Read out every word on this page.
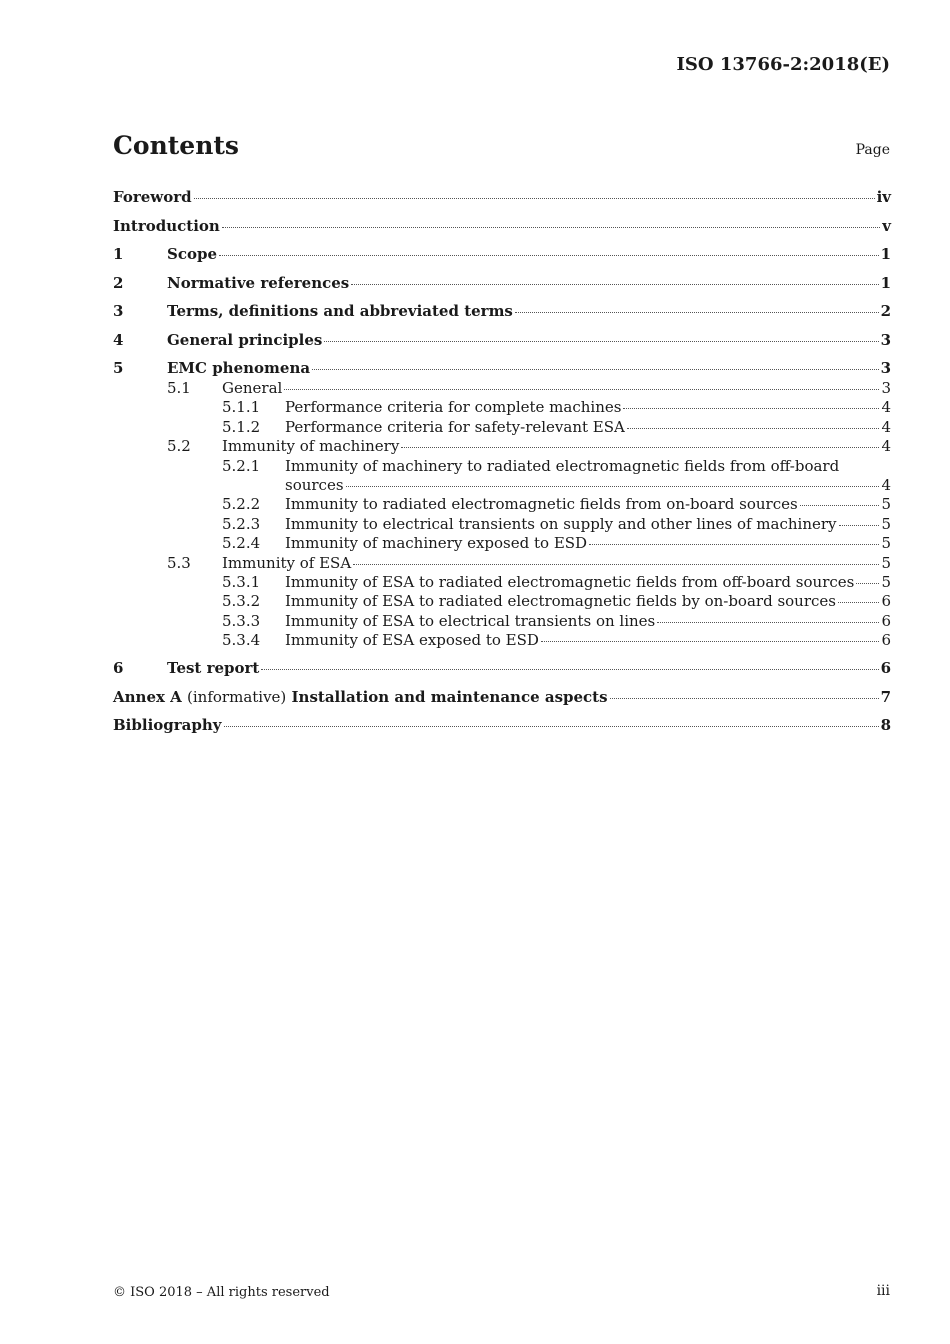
ISO 13766-2:2018(E)
Contents	Page
Foreword	iv
Introduction	v
1	Scope	1
2	Normative references	1
3	Terms, definitions and abbreviated terms	2
4	General principles	3
5	EMC phenomena	3
5.1	General	3
5.1.1	Performance criteria for complete machines	4
5.1.2	Performance criteria for safety-relevant ESA	4
5.2	Immunity of machinery	4
5.2.1	Immunity of machinery to radiated electromagnetic fields from off-board
sources	4
5.2.2	Immunity to radiated electromagnetic fields from on-board sources	5
5.2.3	Immunity to electrical transients on supply and other lines of machinery	5
5.2.4	Immunity of machinery exposed to ESD	5
5.3	Immunity of ESA	5
5.3.1	Immunity of ESA to radiated electromagnetic fields from off-board sources 5
5.3.2	Immunity of ESA to radiated electromagnetic fields by on-board sources	6
5.3.3	Immunity of ESA to electrical transients on lines	6
5.3.4	Immunity of ESA exposed to ESD	6
6	Test report	6
Annex A (informative) Installation and maintenance aspects	7
Bibliography	8
© ISO 2018 – All rights reserved	iii
